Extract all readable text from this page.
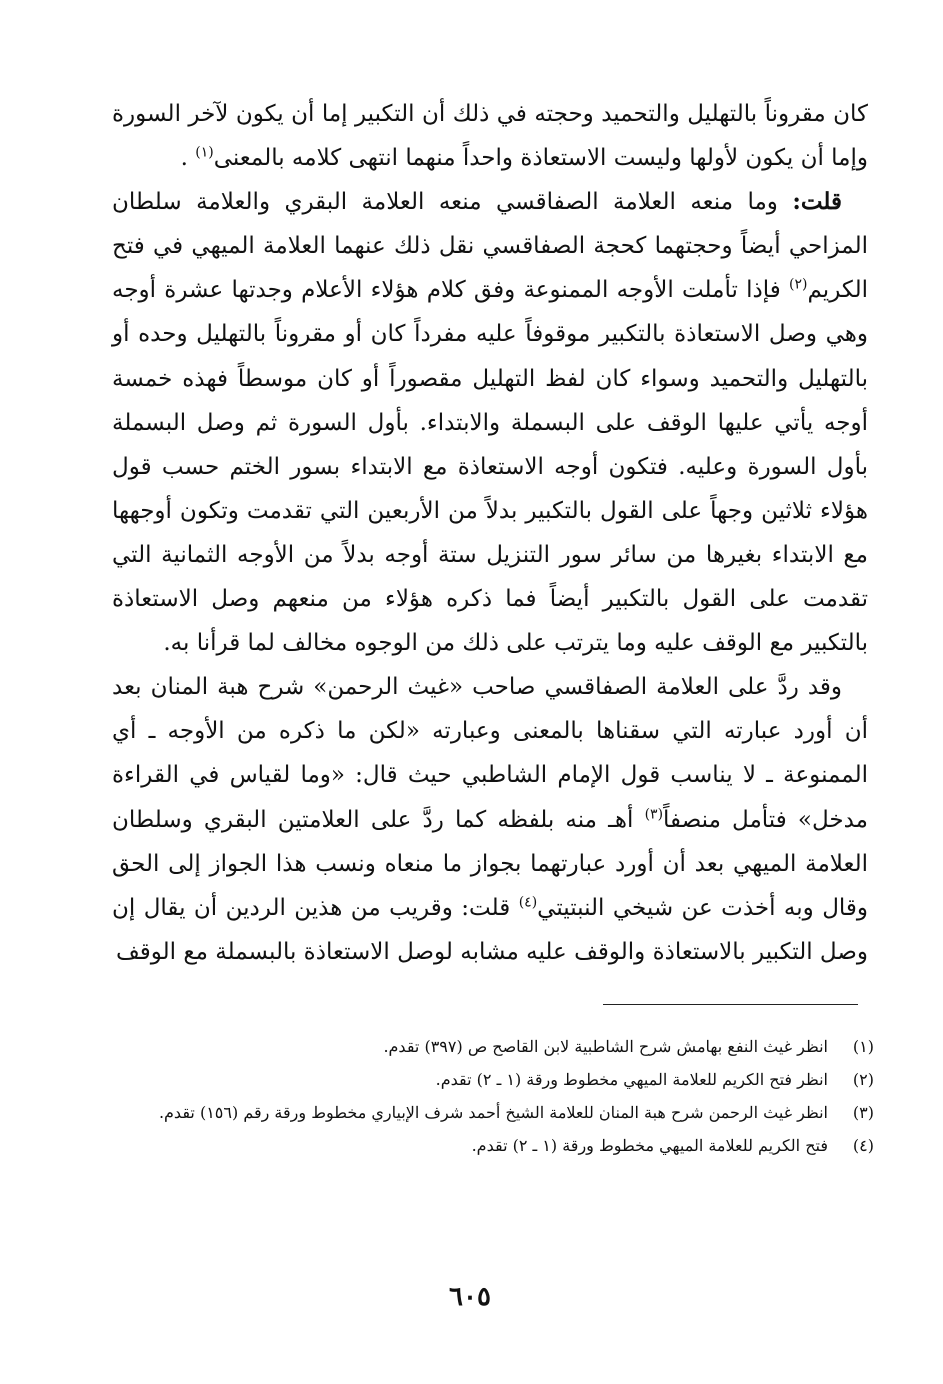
كان مقروناً بالتهليل والتحميد وحجته في ذلك أن التكبير إما أن يكون لآخر السورة وإما أن يكون لأولها وليست الاستعاذة واحداً منهما انتهى كلامه بالمعنى$^{(١)}$ .

قلت: وما منعه العلامة الصفاقسي منعه العلامة البقري والعلامة سلطان المزاحي أيضاً وحجتهما كحجة الصفاقسي نقل ذلك عنهما العلامة الميهي في فتح الكريم$^{(٢)}$ فإذا تأملت الأوجه الممنوعة وفق كلام هؤلاء الأعلام وجدتها عشرة أوجه وهي وصل الاستعاذة بالتكبير موقوفاً عليه مفرداً كان أو مقروناً بالتهليل وحده أو بالتهليل والتحميد وسواء كان لفظ التهليل مقصوراً أو كان موسطاً فهذه خمسة أوجه يأتي عليها الوقف على البسملة والابتداء. بأول السورة ثم وصل البسملة بأول السورة وعليه. فتكون أوجه الاستعاذة مع الابتداء بسور الختم حسب قول هؤلاء ثلاثين وجهاً على القول بالتكبير بدلاً من الأربعين التي تقدمت وتكون أوجهها مع الابتداء بغيرها من سائر سور التنزيل ستة أوجه بدلاً من الأوجه الثمانية التي تقدمت على القول بالتكبير أيضاً فما ذكره هؤلاء من منعهم وصل الاستعاذة بالتكبير مع الوقف عليه وما يترتب على ذلك من الوجوه مخالف لما قرأنا به.

وقد ردَّ على العلامة الصفاقسي صاحب «غيث الرحمن» شرح هبة المنان بعد أن أورد عبارته التي سقناها بالمعنى وعبارته «لكن ما ذكره من الأوجه ـ أي الممنوعة ـ لا يناسب قول الإمام الشاطبي حيث قال: «وما لقياس في القراءة مدخل» فتأمل منصفاً$^{(٣)}$ أهـ منه بلفظه كما ردَّ على العلامتين البقري وسلطان العلامة الميهي بعد أن أورد عبارتهما بجواز ما منعاه ونسب هذا الجواز إلى الحق وقال وبه أخذت عن شيخي النبتيتي$^{(٤)}$ قلت: وقريب من هذين الردين أن يقال إن وصل التكبير بالاستعاذة والوقف عليه مشابه لوصل الاستعاذة بالبسملة مع الوقف

(١)
انظر غيث النفع بهامش شرح الشاطبية لابن القاصح ص (٣٩٧) تقدم.
(٢)
انظر فتح الكريم للعلامة الميهي مخطوط ورقة (١ ـ ٢) تقدم.
(٣)
انظر غيث الرحمن شرح هبة المنان للعلامة الشيخ أحمد شرف الإبياري مخطوط ورقة رقم (١٥٦) تقدم.
(٤)
فتح الكريم للعلامة الميهي مخطوط ورقة (١ ـ ٢) تقدم.
٦٠٥
